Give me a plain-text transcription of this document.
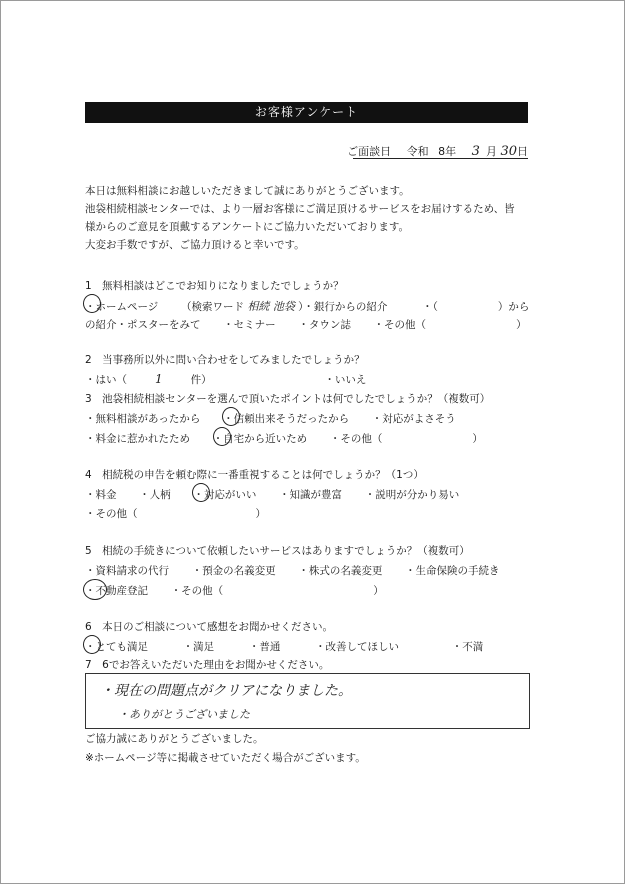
お客様アンケート
ご面談日 令和 8年 3 月 30日
本日は無料相談にお越しいただきまして誠にありがとうございます。
池袋相続相談センターでは、より一層お客様にご満足頂けるサービスをお届けするため、皆
様からのご意見を頂戴するアンケートにご協力いただいております。
大変お手数ですが、ご協力頂けると幸いです。
1　無料相談はどこでお知りになりましたでしょうか？
・ホームページ （検索ワード 相続 池袋 ）・銀行からの紹介	・（	）から
の紹介・ポスターをみて ・セミナー ・タウン誌 ・その他（	）
2　当事務所以外に問い合わせをしてみましたでしょうか？
・はい（ 1	件）	・いいえ
3　池袋相続相談センターを選んで頂いたポイントは何でしたでしょうか？（複数可）
・無料相談があったから ・信頼出来そうだったから ・対応がよさそう
・料金に惹かれたため ・自宅から近いため ・その他（	）
4　相続税の申告を頼む際に一番重視することは何でしょうか？（1つ）
・料金 ・人柄 ・対応がいい ・知識が豊富 ・説明が分かり易い
・その他（	）
5　相続の手続きについて依頼したいサービスはありますでしょうか？（複数可）
・資料請求の代行 ・預金の名義変更 ・株式の名義変更 ・生命保険の手続き
・不動産登記 ・その他（	）
6　本日のご相談について感想をお聞かせください。
・とても満足	・満足	・普通	・改善してほしい	・不満
7　6でお答えいただいた理由をお聞かせください。
・現在の問題点がクリアになりました。
・ありがとうございました
ご協力誠にありがとうございました。
※ホームページ等に掲載させていただく場合がございます。
